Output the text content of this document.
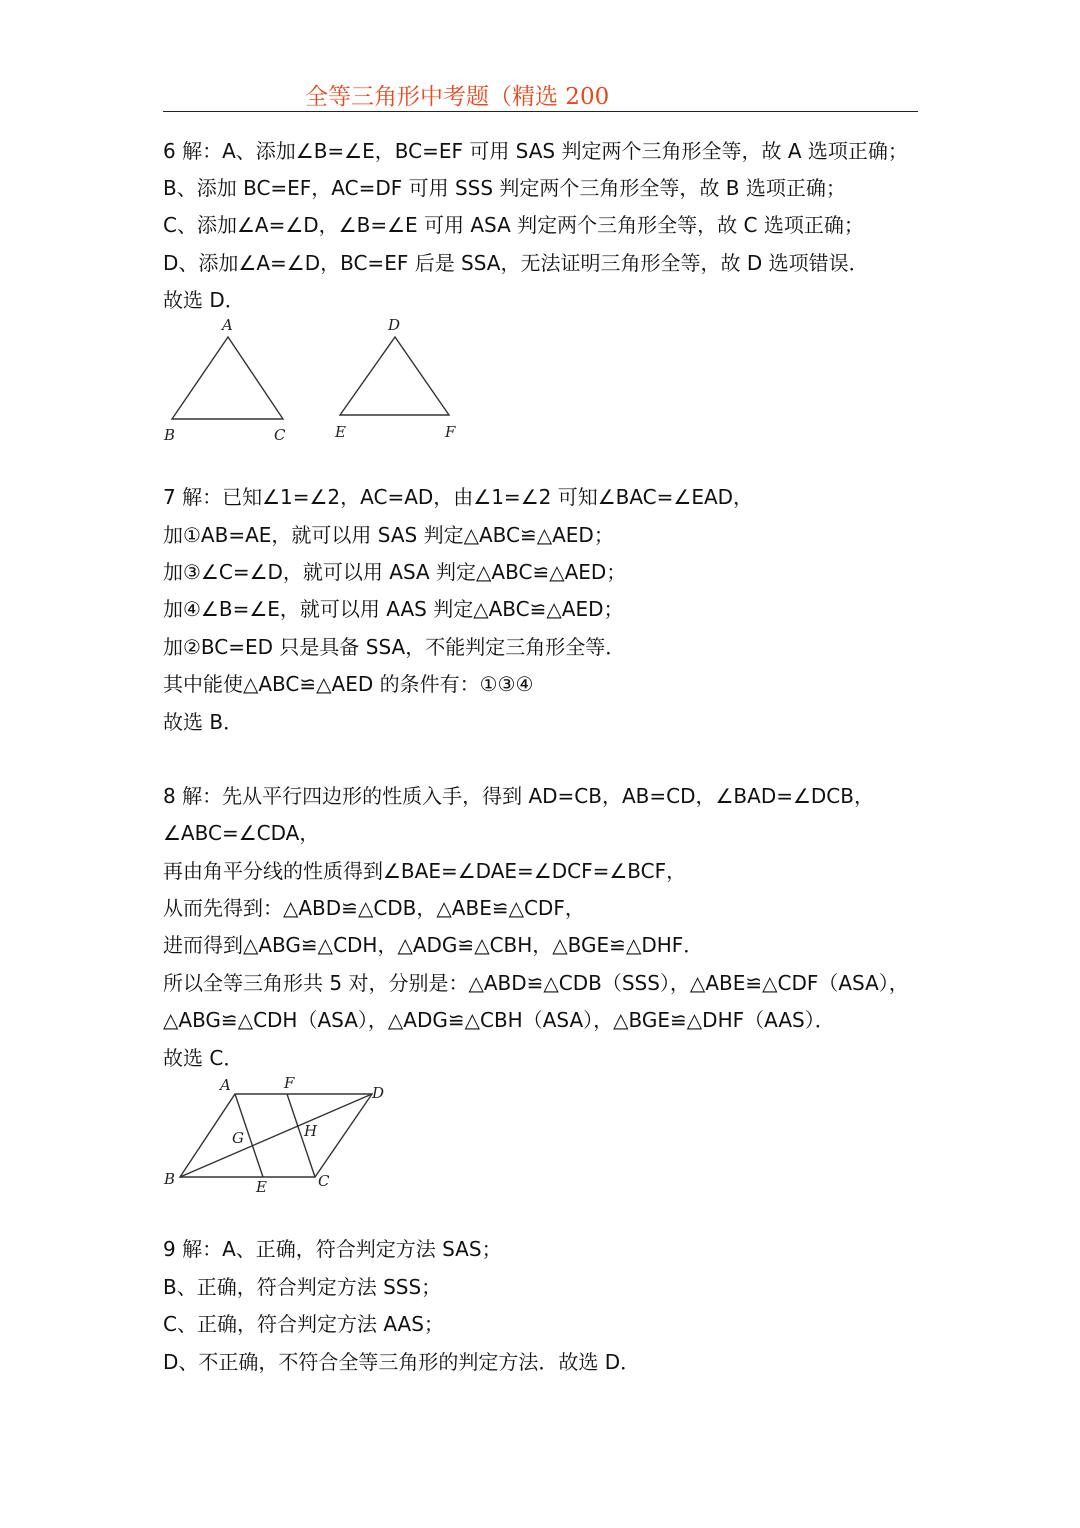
全等三角形中考题（精选 200
6 解：A、添加∠B=∠E，BC=EF 可用 SAS 判定两个三角形全等，故 A 选项正确；
B、添加 BC=EF，AC=DF 可用 SSS 判定两个三角形全等，故 B 选项正确；
C、添加∠A=∠D，∠B=∠E 可用 ASA 判定两个三角形全等，故 C 选项正确；
D、添加∠A=∠D，BC=EF 后是 SSA，无法证明三角形全等，故 D 选项错误．
故选 D．
A
B	C
D
E	F
7 解：已知∠1=∠2，AC=AD，由∠1=∠2 可知∠BAC=∠EAD，
加①AB=AE，就可以用 SAS 判定△ABC≌△AED；
加③∠C=∠D，就可以用 ASA 判定△ABC≌△AED；
加④∠B=∠E，就可以用 AAS 判定△ABC≌△AED；
加②BC=ED 只是具备 SSA，不能判定三角形全等．
其中能使△ABC≌△AED 的条件有：①③④
故选 B．
8 解：先从平行四边形的性质入手，得到 AD=CB，AB=CD，∠BAD=∠DCB，
∠ABC=∠CDA，
再由角平分线的性质得到∠BAE=∠DAE=∠DCF=∠BCF，
从而先得到：△ABD≌△CDB，△ABE≌△CDF，
进而得到△ABG≌△CDH，△ADG≌△CBH，△BGE≌△DHF．
所以全等三角形共 5 对，分别是：△ABD≌△CDB（SSS），△ABE≌△CDF（ASA），
△ABG≌△CDH（ASA），△ADG≌△CBH（ASA），△BGE≌△DHF（AAS）．
故选 C．
A	F
D
G	H
B	E	C
9 解：A、正确，符合判定方法 SAS；
B、正确，符合判定方法 SSS；
C、正确，符合判定方法 AAS；
D、不正确，不符合全等三角形的判定方法．故选 D．
